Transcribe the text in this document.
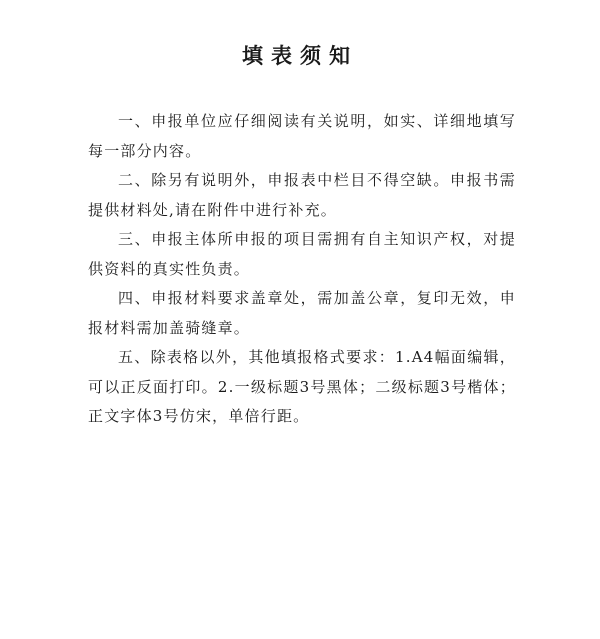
填表须知

一、申报单位应仔细阅读有关说明，如实、详细地填写每一部分内容。

二、除另有说明外，申报表中栏目不得空缺。申报书需提供材料处,请在附件中进行补充。

三、申报主体所申报的项目需拥有自主知识产权，对提供资料的真实性负责。

四、申报材料要求盖章处，需加盖公章，复印无效，申报材料需加盖骑缝章。

五、除表格以外，其他填报格式要求：1.A4幅面编辑，可以正反面打印。2.一级标题3号黑体；二级标题3号楷体；正文字体3号仿宋，单倍行距。
